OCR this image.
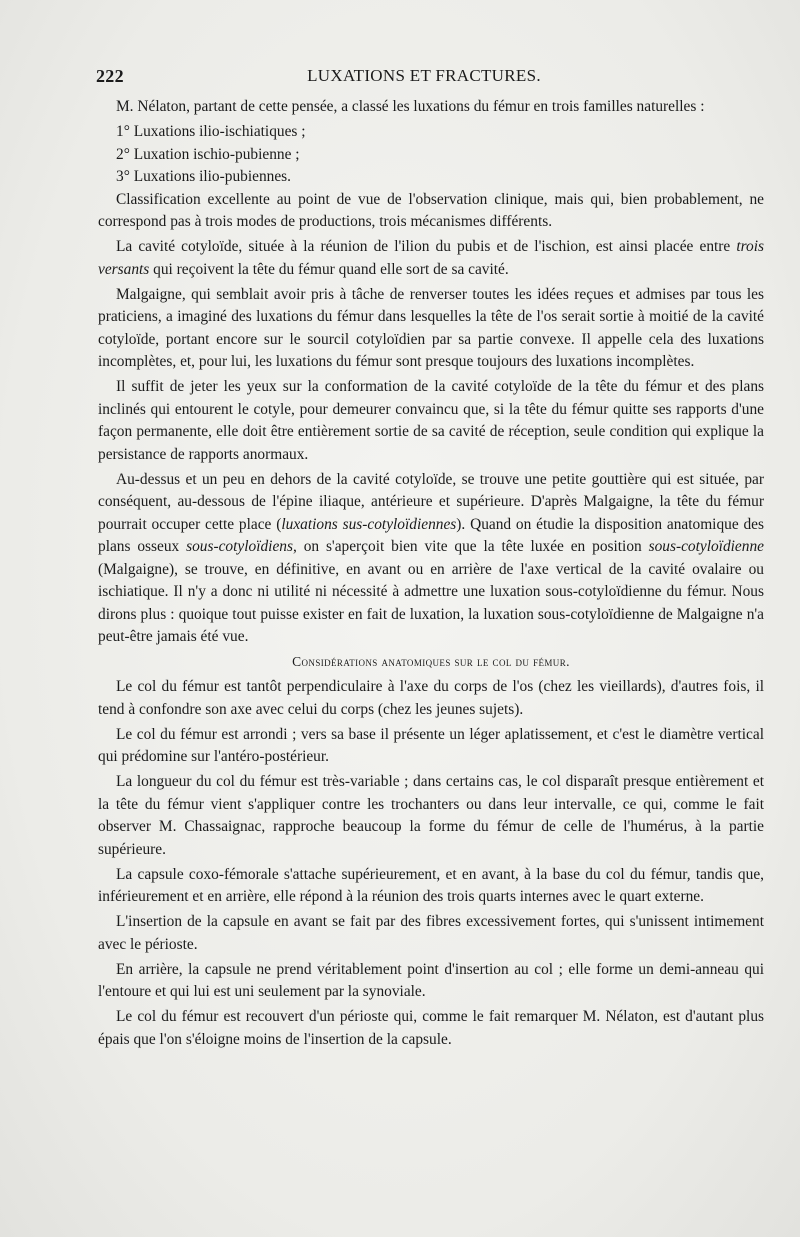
222	LUXATIONS ET FRACTURES.

M. Nélaton, partant de cette pensée, a classé les luxations du fémur en trois familles naturelles :

1° Luxations ilio-ischiatiques ;

2° Luxation ischio-pubienne ;

3° Luxations ilio-pubiennes.

Classification excellente au point de vue de l'observation clinique, mais qui, bien probablement, ne correspond pas à trois modes de productions, trois mécanismes différents.

La cavité cotyloïde, située à la réunion de l'ilion du pubis et de l'ischion, est ainsi placée entre trois versants qui reçoivent la tête du fémur quand elle sort de sa cavité.

Malgaigne, qui semblait avoir pris à tâche de renverser toutes les idées reçues et admises par tous les praticiens, a imaginé des luxations du fémur dans lesquelles la tête de l'os serait sortie à moitié de la cavité cotyloïde, portant encore sur le sourcil cotyloïdien par sa partie convexe. Il appelle cela des luxations incomplètes, et, pour lui, les luxations du fémur sont presque toujours des luxations incomplètes.

Il suffit de jeter les yeux sur la conformation de la cavité cotyloïde de la tête du fémur et des plans inclinés qui entourent le cotyle, pour demeurer convaincu que, si la tête du fémur quitte ses rapports d'une façon permanente, elle doit être entièrement sortie de sa cavité de réception, seule condition qui explique la persistance de rapports anormaux.

Au-dessus et un peu en dehors de la cavité cotyloïde, se trouve une petite gouttière qui est située, par conséquent, au-dessous de l'épine iliaque, antérieure et supérieure. D'après Malgaigne, la tête du fémur pourrait occuper cette place (luxations sus-cotyloïdiennes). Quand on étudie la disposition anatomique des plans osseux sous-cotyloïdiens, on s'aperçoit bien vite que la tête luxée en position sous-cotyloïdienne (Malgaigne), se trouve, en définitive, en avant ou en arrière de l'axe vertical de la cavité ovalaire ou ischiatique. Il n'y a donc ni utilité ni nécessité à admettre une luxation sous-cotyloïdienne du fémur. Nous dirons plus : quoique tout puisse exister en fait de luxation, la luxation sous-cotyloïdienne de Malgaigne n'a peut-être jamais été vue.

Considérations anatomiques sur le col du fémur.

Le col du fémur est tantôt perpendiculaire à l'axe du corps de l'os (chez les vieillards), d'autres fois, il tend à confondre son axe avec celui du corps (chez les jeunes sujets).

Le col du fémur est arrondi ; vers sa base il présente un léger aplatissement, et c'est le diamètre vertical qui prédomine sur l'antéro-postérieur.

La longueur du col du fémur est très-variable ; dans certains cas, le col disparaît presque entièrement et la tête du fémur vient s'appliquer contre les trochanters ou dans leur intervalle, ce qui, comme le fait observer M. Chassaignac, rapproche beaucoup la forme du fémur de celle de l'humérus, à la partie supérieure.

La capsule coxo-fémorale s'attache supérieurement, et en avant, à la base du col du fémur, tandis que, inférieurement et en arrière, elle répond à la réunion des trois quarts internes avec le quart externe.

L'insertion de la capsule en avant se fait par des fibres excessivement fortes, qui s'unissent intimement avec le périoste.

En arrière, la capsule ne prend véritablement point d'insertion au col ; elle forme un demi-anneau qui l'entoure et qui lui est uni seulement par la synoviale.

Le col du fémur est recouvert d'un périoste qui, comme le fait remarquer M. Nélaton, est d'autant plus épais que l'on s'éloigne moins de l'insertion de la capsule.
